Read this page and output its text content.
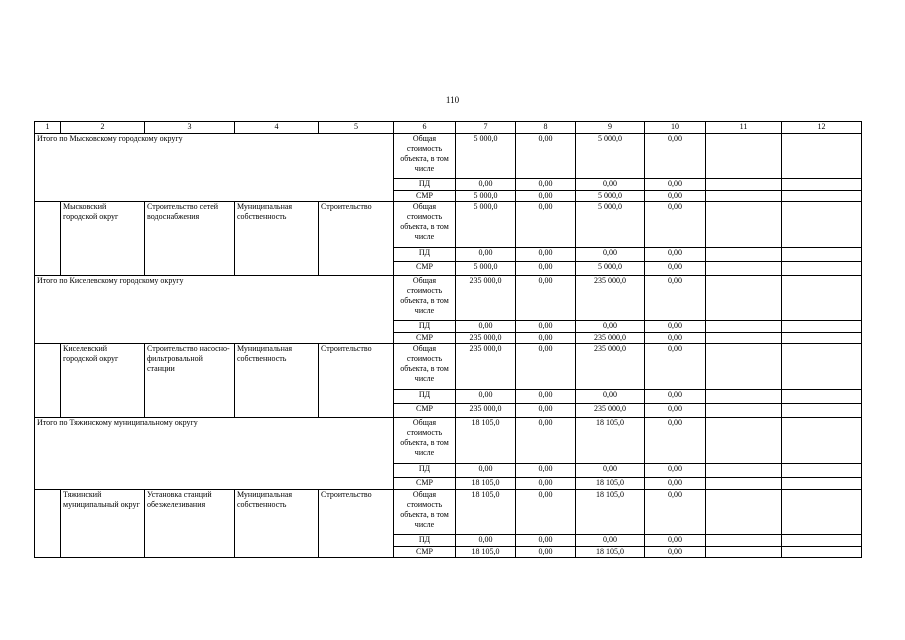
110
1	2	3	4	5	6	7	8	9	10	11	12
Итого по Мысковскому городскому округу					Общая стоимость объекта, в том числе	5 000,0	0,00	5 000,0	0,00		
					ПД	0,00	0,00	0,00	0,00		
					СМР	5 000,0	0,00	5 000,0	0,00		
	Мысковский городской округ	Строительство сетей водоснабжения	Муниципальная собственность	Строительство	Общая стоимость объекта, в том числе	5 000,0	0,00	5 000,0	0,00		
					ПД	0,00	0,00	0,00	0,00		
					СМР	5 000,0	0,00	5 000,0	0,00		
Итого по Киселевскому городскому округу					Общая стоимость объекта, в том числе	235 000,0	0,00	235 000,0	0,00		
					ПД	0,00	0,00	0,00	0,00		
					СМР	235 000,0	0,00	235 000,0	0,00		
	Киселевский городской округ	Строительство насосно-фильтровальной станции	Муниципальная собственность	Строительство	Общая стоимость объекта, в том числе	235 000,0	0,00	235 000,0	0,00		
					ПД	0,00	0,00	0,00	0,00		
					СМР	235 000,0	0,00	235 000,0	0,00		
Итого по Тяжинскому муниципальному округу					Общая стоимость объекта, в том числе	18 105,0	0,00	18 105,0	0,00		
					ПД	0,00	0,00	0,00	0,00		
					СМР	18 105,0	0,00	18 105,0	0,00		
	Тяжинский муниципальный округ	Установка станций обезжелезивания	Муниципальная собственность	Строительство	Общая стоимость объекта, в том числе	18 105,0	0,00	18 105,0	0,00		
					ПД	0,00	0,00	0,00	0,00		
					СМР	18 105,0	0,00	18 105,0	0,00		
